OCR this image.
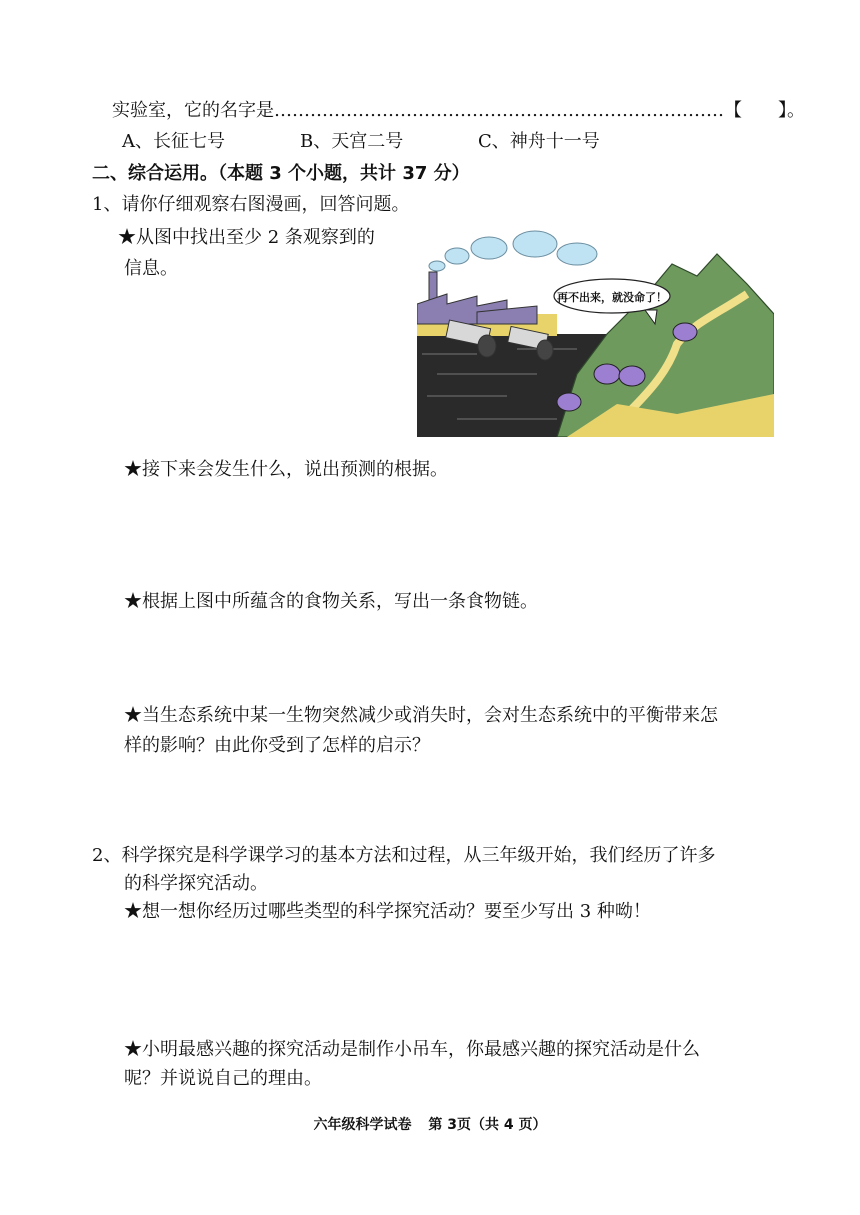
实验室，它的名字是…………………………………………………………………【　　】。
A、长征七号	B、天宫二号	C、神舟十一号
二、综合运用。（本题 3 个小题，共计 37 分）
1、请你仔细观察右图漫画，回答问题。
★从图中找出至少 2 条观察到的
信息。
再不出来，就没命了！
★接下来会发生什么，说出预测的根据。
★根据上图中所蕴含的食物关系，写出一条食物链。
★当生态系统中某一生物突然减少或消失时，会对生态系统中的平衡带来怎
样的影响？由此你受到了怎样的启示？
2、科学探究是科学课学习的基本方法和过程，从三年级开始，我们经历了许多
的科学探究活动。
★想一想你经历过哪些类型的科学探究活动？要至少写出 3 种呦！
★小明最感兴趣的探究活动是制作小吊车，你最感兴趣的探究活动是什么
呢？并说说自己的理由。
六年级科学试卷 第 3页（共 4 页）
